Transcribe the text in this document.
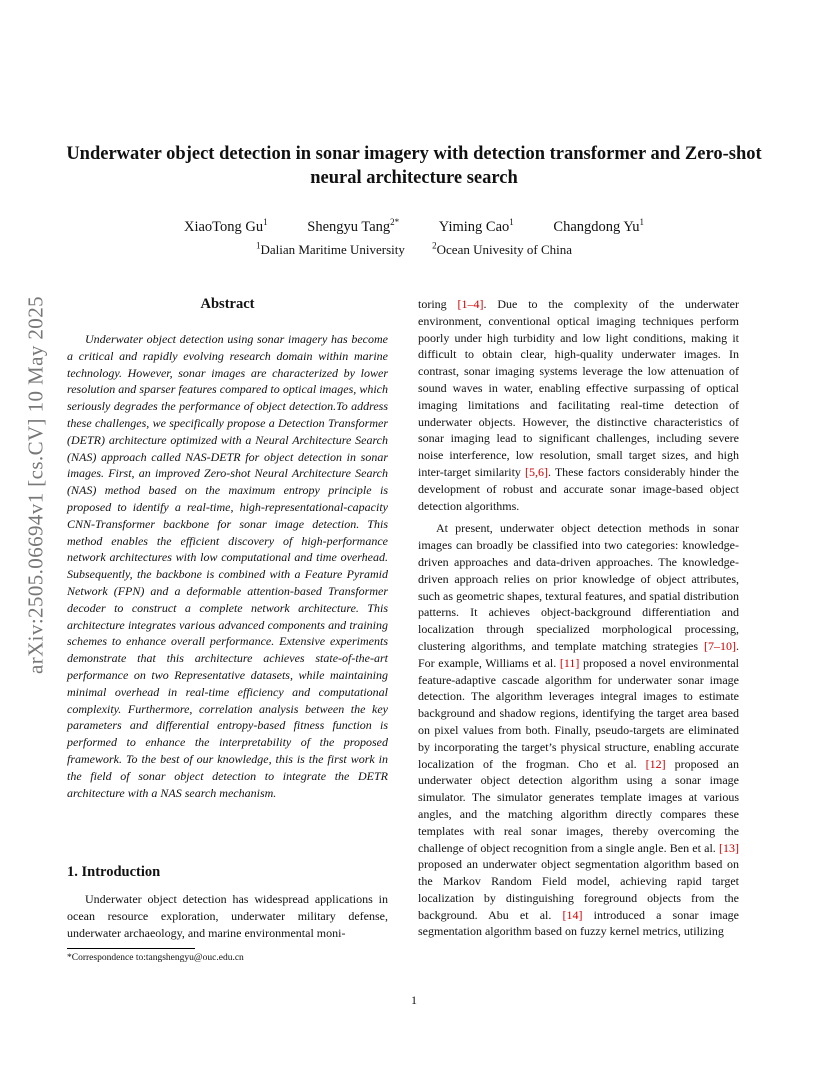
arXiv:2505.06694v1 [cs.CV] 10 May 2025
Underwater object detection in sonar imagery with detection transformer and Zero-shot neural architecture search
XiaoTong Gu$^1$	Shengyu Tang$^{2*}$	Yiming Cao$^1$	Changdong Yu$^1$
$^1$Dalian Maritime University	$^2$Ocean Univesity of China
Abstract

Underwater object detection using sonar imagery has become a critical and rapidly evolving research domain within marine technology. However, sonar images are characterized by lower resolution and sparser features compared to optical images, which seriously degrades the performance of object detection.To address these challenges, we specifically propose a Detection Transformer (DETR) architecture optimized with a Neural Architecture Search (NAS) approach called NAS-DETR for object detection in sonar images. First, an improved Zero-shot Neural Architecture Search (NAS) method based on the maximum entropy principle is proposed to identify a real-time, high-representational-capacity CNN-Transformer backbone for sonar image detection. This method enables the efficient discovery of high-performance network architectures with low computational and time overhead. Subsequently, the backbone is combined with a Feature Pyramid Network (FPN) and a deformable attention-based Transformer decoder to construct a complete network architecture. This architecture integrates various advanced components and training schemes to enhance overall performance. Extensive experiments demonstrate that this architecture achieves state-of-the-art performance on two Representative datasets, while maintaining minimal overhead in real-time efficiency and computational complexity. Furthermore, correlation analysis between the key parameters and differential entropy-based fitness function is performed to enhance the interpretability of the proposed framework. To the best of our knowledge, this is the first work in the field of sonar object detection to integrate the DETR architecture with a NAS search mechanism.

1. Introduction

Underwater object detection has widespread applications in ocean resource exploration, underwater military defense, underwater archaeology, and marine environmental moni-

toring [1–4]. Due to the complexity of the underwater environment, conventional optical imaging techniques perform poorly under high turbidity and low light conditions, making it difficult to obtain clear, high-quality underwater images. In contrast, sonar imaging systems leverage the low attenuation of sound waves in water, enabling effective surpassing of optical imaging limitations and facilitating real-time detection of underwater objects. However, the distinctive characteristics of sonar imaging lead to significant challenges, including severe noise interference, low resolution, small target sizes, and high inter-target similarity [5,6]. These factors considerably hinder the development of robust and accurate sonar image-based object detection algorithms.

At present, underwater object detection methods in sonar images can broadly be classified into two categories: knowledge-driven approaches and data-driven approaches. The knowledge-driven approach relies on prior knowledge of object attributes, such as geometric shapes, textural features, and spatial distribution patterns. It achieves object-background differentiation and localization through specialized morphological processing, clustering algorithms, and template matching strategies [7–10]. For example, Williams et al. [11] proposed a novel environmental feature-adaptive cascade algorithm for underwater sonar image detection. The algorithm leverages integral images to estimate background and shadow regions, identifying the target area based on pixel values from both. Finally, pseudo-targets are eliminated by incorporating the target’s physical structure, enabling accurate localization of the frogman. Cho et al. [12] proposed an underwater object detection algorithm using a sonar image simulator. The simulator generates template images at various angles, and the matching algorithm directly compares these templates with real sonar images, thereby overcoming the challenge of object recognition from a single angle. Ben et al. [13] proposed an underwater object segmentation algorithm based on the Markov Random Field model, achieving rapid target localization by distinguishing foreground objects from the background. Abu et al. [14] introduced a sonar image segmentation algorithm based on fuzzy kernel metrics, utilizing

*Correspondence to:tangshengyu@ouc.edu.cn
1
